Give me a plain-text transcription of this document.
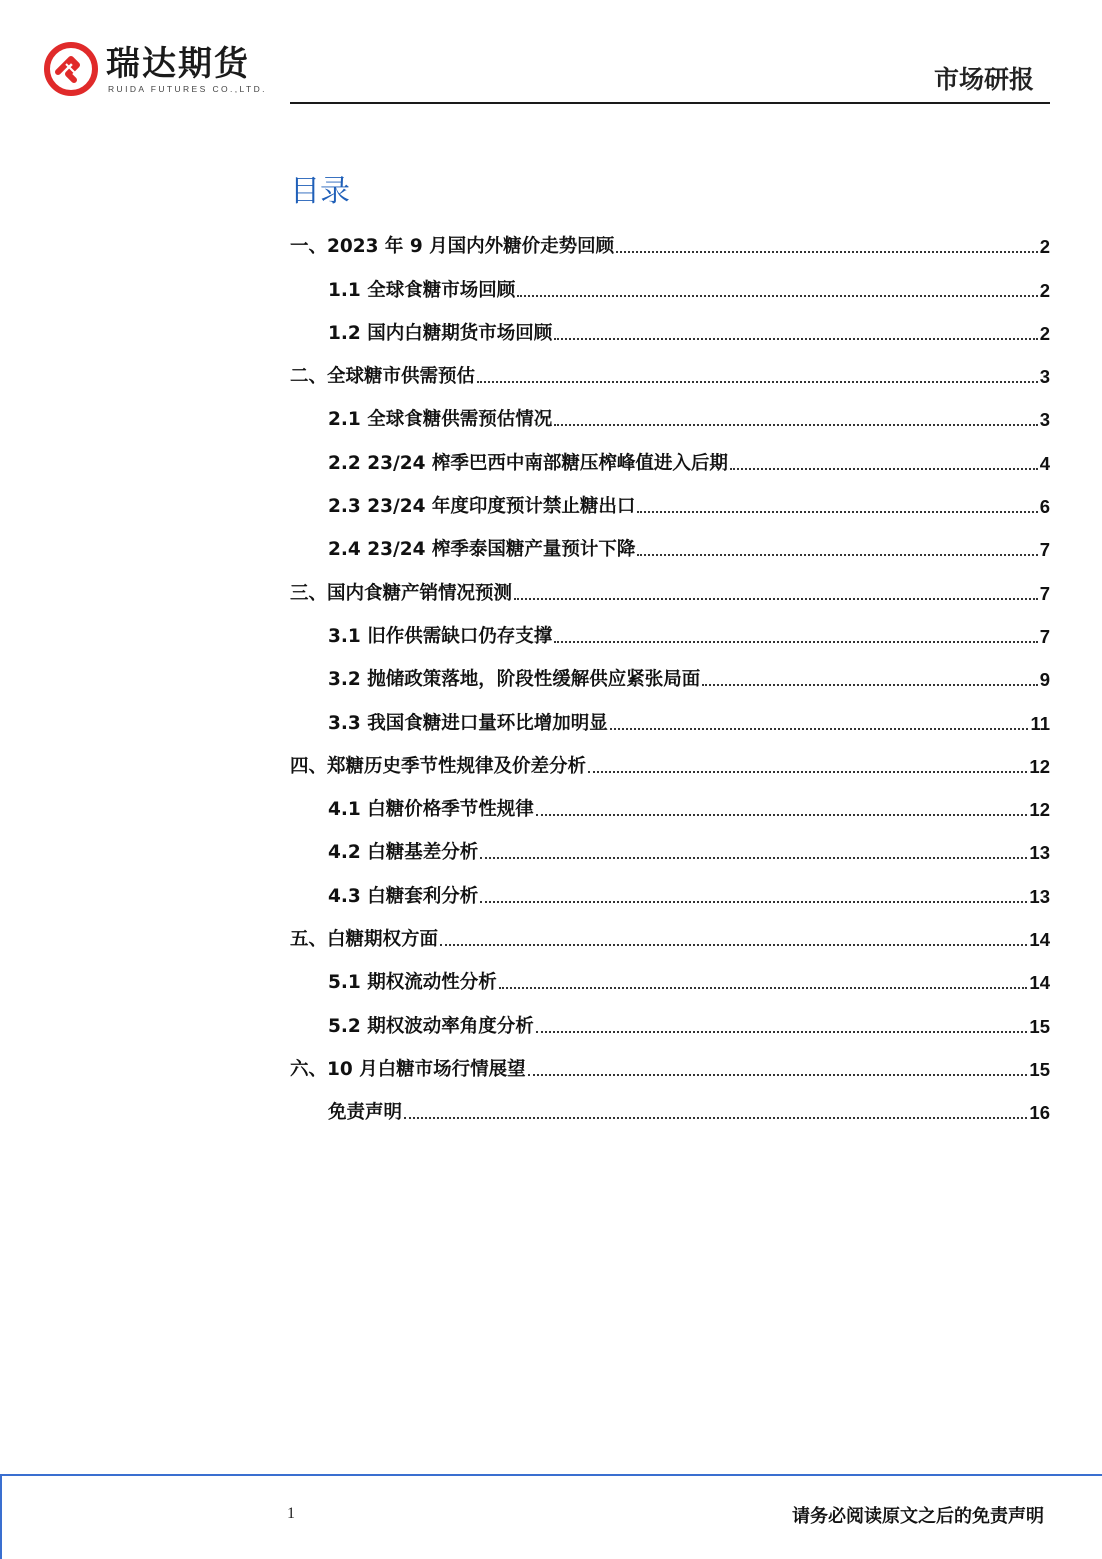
瑞达期货
RUIDA FUTURES CO.,LTD.	市场研报
目录
一、2023 年 9 月国内外糖价走势回顾	2
1.1 全球食糖市场回顾	2
1.2 国内白糖期货市场回顾	2
二、全球糖市供需预估	3
2.1 全球食糖供需预估情况	3
2.2 23/24 榨季巴西中南部糖压榨峰值进入后期	4
2.3 23/24 年度印度预计禁止糖出口	6
2.4 23/24 榨季泰国糖产量预计下降	7
三、国内食糖产销情况预测	7
3.1 旧作供需缺口仍存支撑	7
3.2 抛储政策落地，阶段性缓解供应紧张局面	9
3.3 我国食糖进口量环比增加明显	11
四、郑糖历史季节性规律及价差分析	12
4.1 白糖价格季节性规律	12
4.2 白糖基差分析	13
4.3 白糖套利分析	13
五、白糖期权方面	14
5.1 期权流动性分析	14
5.2 期权波动率角度分析	15
六、10 月白糖市场行情展望	15
免责声明	16
1	请务必阅读原文之后的免责声明
